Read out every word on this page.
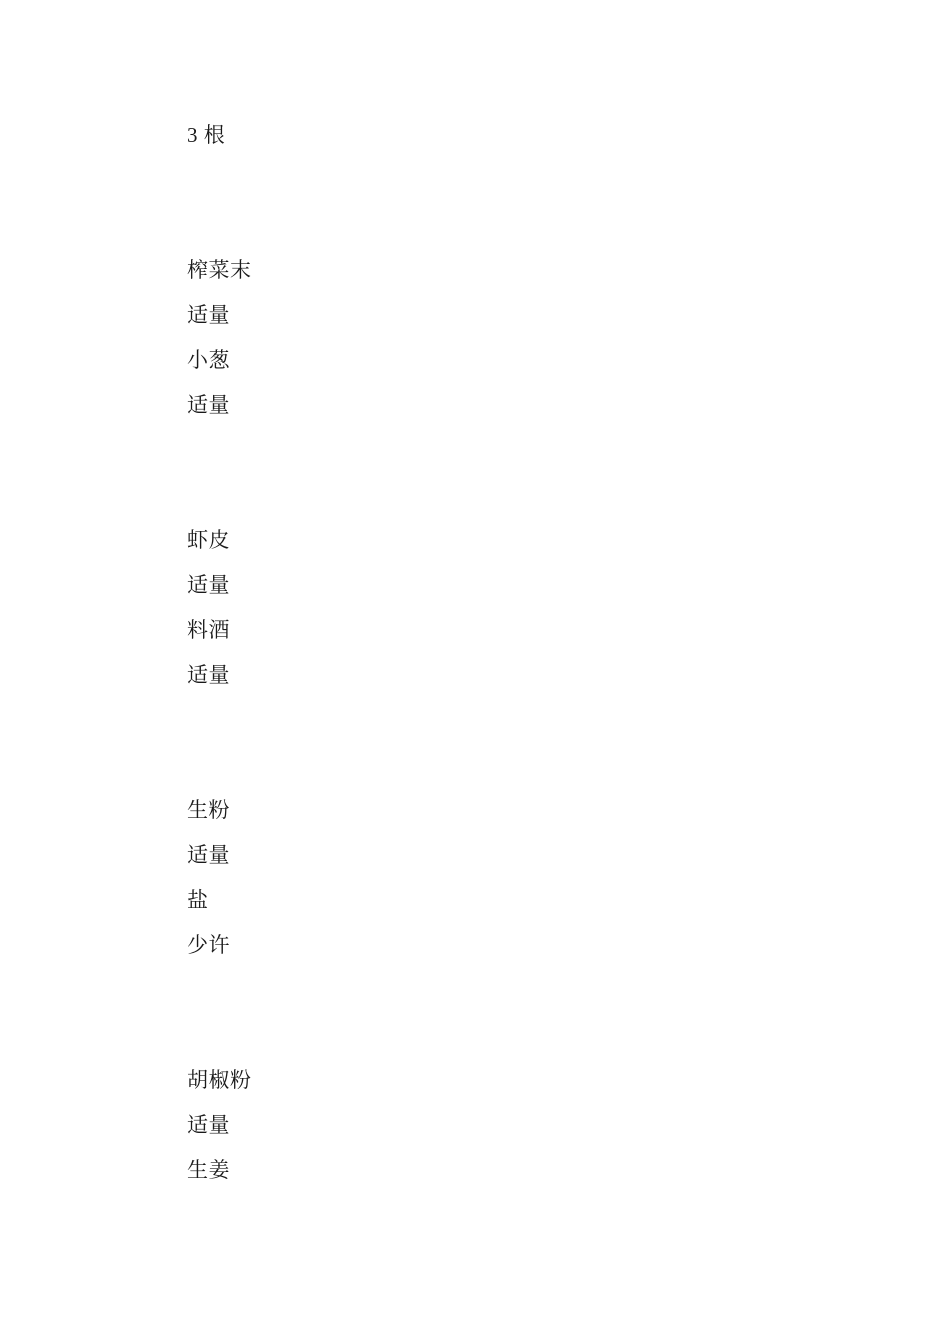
3 根

榨菜末

适量

小葱

适量

虾皮

适量

料酒

适量

生粉

适量

盐

少许

胡椒粉

适量

生姜
